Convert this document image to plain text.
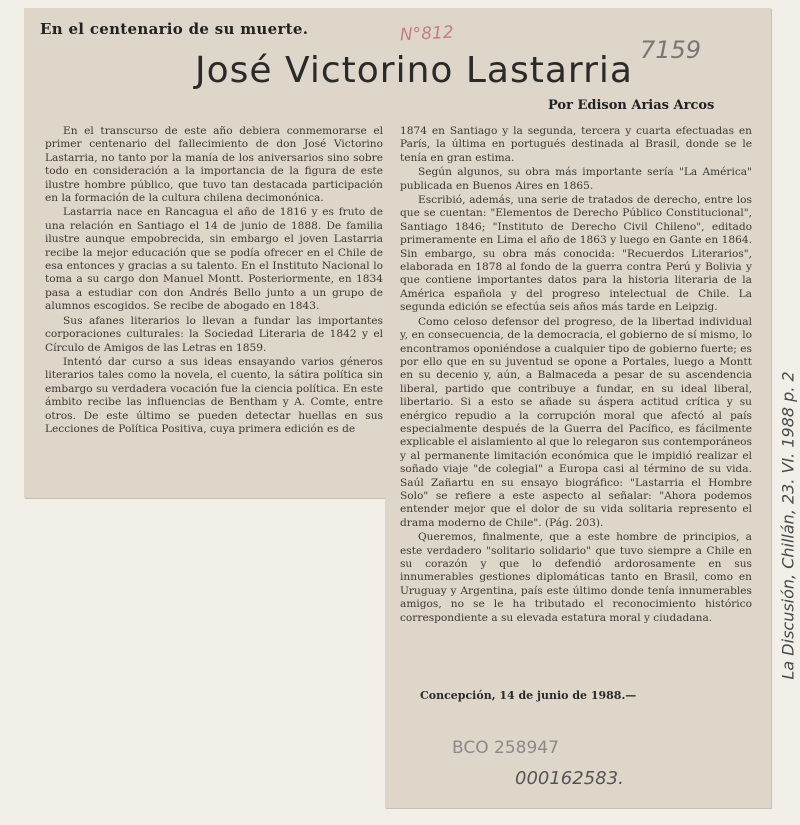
En el centenario de su muerte.
José Victorino Lastarria
Por Edison Arias Arcos

En el transcurso de este año debiera conmemorarse el primer centenario del fallecimiento de don José Victorino Lastarria, no tanto por la manía de los aniversarios sino sobre todo en consideración a la importancia de la figura de este ilustre hombre público, que tuvo tan destacada participación en la formación de la cultura chilena decimonónica.

Lastarria nace en Rancagua el año de 1816 y es fruto de una relación en Santiago el 14 de junio de 1888. De familia ilustre aunque empobrecida, sin embargo el joven Lastarria recibe la mejor educación que se podía ofrecer en el Chile de esa entonces y gracias a su talento. En el Instituto Nacional lo toma a su cargo don Manuel Montt. Posteriormente, en 1834 pasa a estudiar con don Andrés Bello junto a un grupo de alumnos escogidos. Se recibe de abogado en 1843.

Sus afanes literarios lo llevan a fundar las importantes corporaciones culturales: la Sociedad Literaria de 1842 y el Círculo de Amigos de las Letras en 1859.

Intentó dar curso a sus ideas ensayando varios géneros literarios tales como la novela, el cuento, la sátira política sin embargo su verdadera vocación fue la ciencia política. En este ámbito recibe las influencias de Bentham y A. Comte, entre otros. De este último se pueden detectar huellas en sus Lecciones de Política Positiva, cuya primera edición es de

1874 en Santiago y la segunda, tercera y cuarta efectuadas en París, la última en portugués destinada al Brasil, donde se le tenía en gran estima.

Según algunos, su obra más importante sería "La América" publicada en Buenos Aires en 1865.

Escribió, además, una serie de tratados de derecho, entre los que se cuentan: "Elementos de Derecho Público Constitucional", Santiago 1846; "Instituto de Derecho Civil Chileno", editado primeramente en Lima el año de 1863 y luego en Gante en 1864. Sin embargo, su obra más conocida: "Recuerdos Literarios", elaborada en 1878 al fondo de la guerra contra Perú y Bolivia y que contiene importantes datos para la historia literaria de la América española y del progreso intelectual de Chile. La segunda edición se efectúa seis años más tarde en Leipzig.

Como celoso defensor del progreso, de la libertad individual y, en consecuencia, de la democracia, el gobierno de sí mismo, lo encontramos oponiéndose a cualquier tipo de gobierno fuerte; es por ello que en su juventud se opone a Portales, luego a Montt en su decenio y, aún, a Balmaceda a pesar de su ascendencia liberal, partido que contribuye a fundar, en su ideal liberal, libertario. Si a esto se añade su áspera actitud crítica y su enérgico repudio a la corrupción moral que afectó al país especialmente después de la Guerra del Pacífico, es fácilmente explicable el aislamiento al que lo relegaron sus contemporáneos y al permanente limitación económica que le impidió realizar el soñado viaje "de colegial" a Europa casi al término de su vida. Saúl Zañartu en su ensayo biográfico: "Lastarria el Hombre Solo" se refiere a este aspecto al señalar: "Ahora podemos entender mejor que el dolor de su vida solitaria represento el drama moderno de Chile". (Pág. 203).

Queremos, finalmente, que a este hombre de principios, a este verdadero "solitario solidario" que tuvo siempre a Chile en su corazón y que lo defendió ardorosamente en sus innumerables gestiones diplomáticas tanto en Brasil, como en Uruguay y Argentina, país este último donde tenía innumerables amigos, no se le ha tributado el reconocimiento histórico correspondiente a su elevada estatura moral y ciudadana.

Concepción, 14 de junio de 1988.—
N°812
7159
La Discusión, Chillán, 23. VI. 1988 p. 2
BCO 258947
000162583.
